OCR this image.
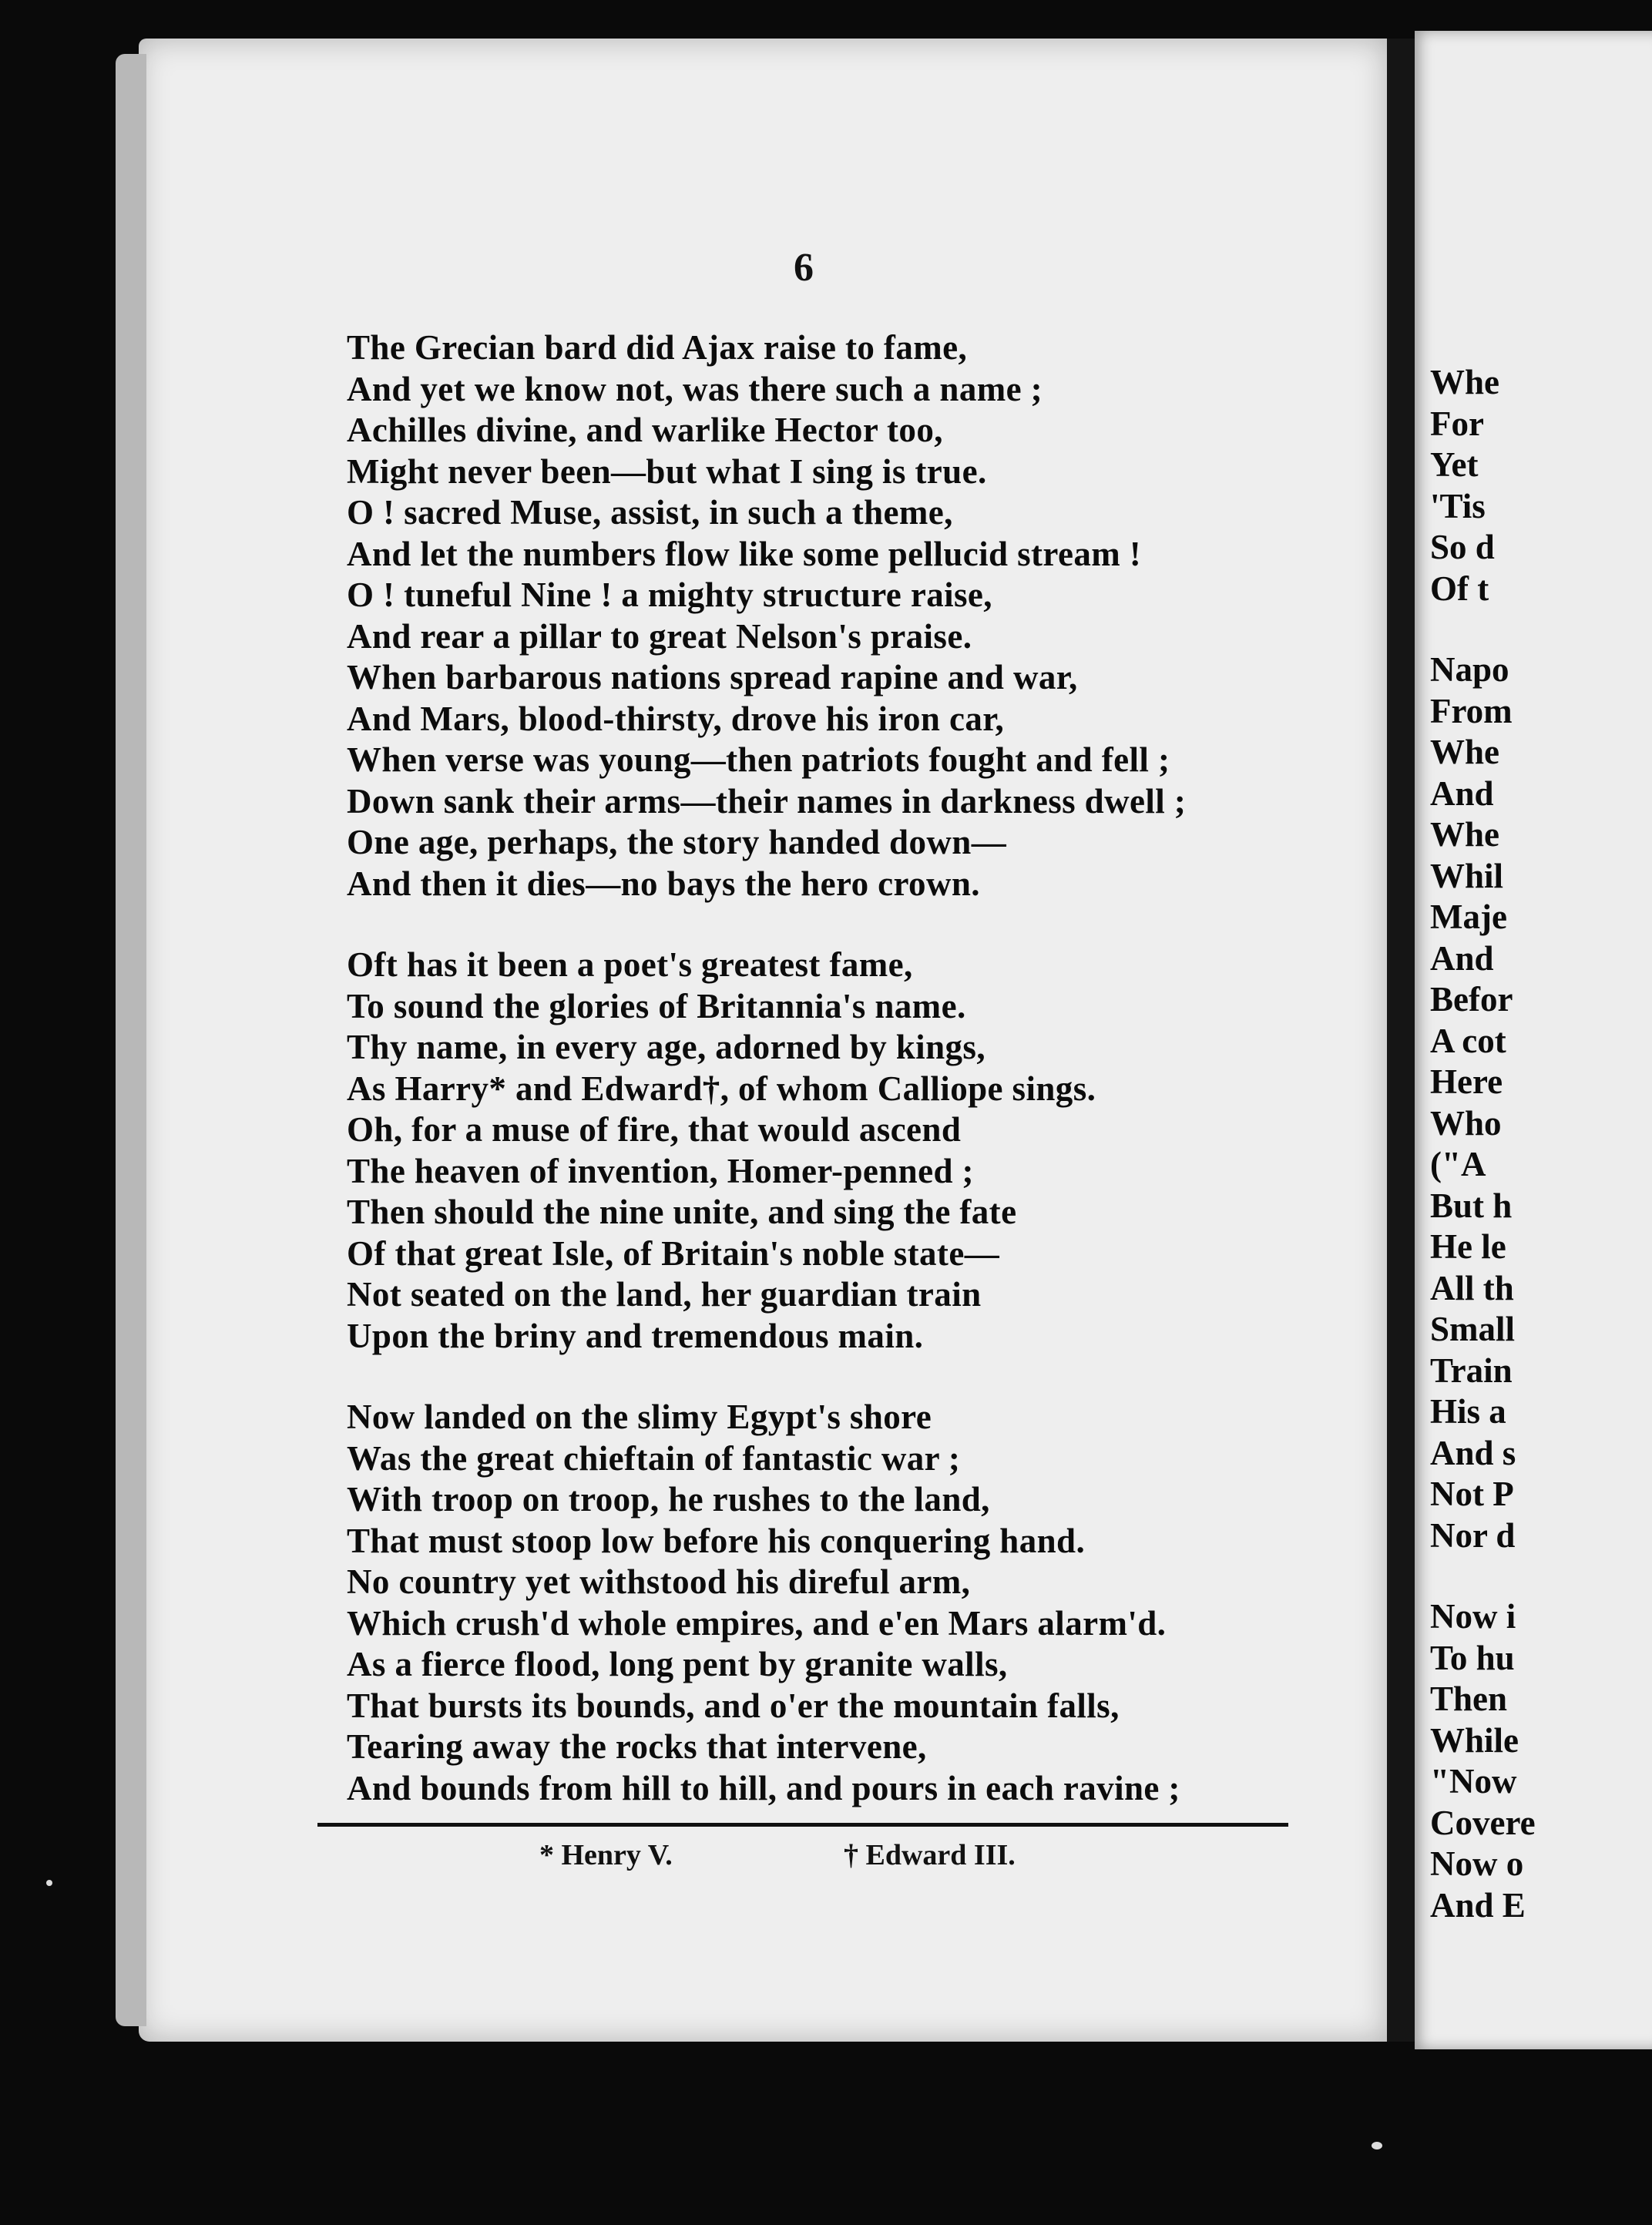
Whe
For
Yet
'Tis
So d
Of t
Napo
From
Whe
And
Whe
Whil
Maje
And
Befor
A cot
Here
Who
("A
But h
He le
All th
Small
Train
His a
And s
Not P
Nor d
Now i
To hu
Then
While
"Now
Covere
Now o
And E
6
The Grecian bard did Ajax raise to fame,
And yet we know not, was there such a name ;
Achilles divine, and warlike Hector too,
Might never been—but what I sing is true.
O ! sacred Muse, assist, in such a theme,
And let the numbers flow like some pellucid stream !
O ! tuneful Nine ! a mighty structure raise,
And rear a pillar to great Nelson's praise.
When barbarous nations spread rapine and war,
And Mars, blood-thirsty, drove his iron car,
When verse was young—then patriots fought and fell ;
Down sank their arms—their names in darkness dwell ;
One age, perhaps, the story handed down—
And then it dies—no bays the hero crown.
Oft has it been a poet's greatest fame,
To sound the glories of Britannia's name.
Thy name, in every age, adorned by kings,
As Harry* and Edward†, of whom Calliope sings.
Oh, for a muse of fire, that would ascend
The heaven of invention, Homer-penned ;
Then should the nine unite, and sing the fate
Of that great Isle, of Britain's noble state—
Not seated on the land, her guardian train
Upon the briny and tremendous main.
Now landed on the slimy Egypt's shore
Was the great chieftain of fantastic war ;
With troop on troop, he rushes to the land,
That must stoop low before his conquering hand.
No country yet withstood his direful arm,
Which crush'd whole empires, and e'en Mars alarm'd.
As a fierce flood, long pent by granite walls,
That bursts its bounds, and o'er the mountain falls,
Tearing away the rocks that intervene,
And bounds from hill to hill, and pours in each ravine ;
* Henry V.	† Edward III.
